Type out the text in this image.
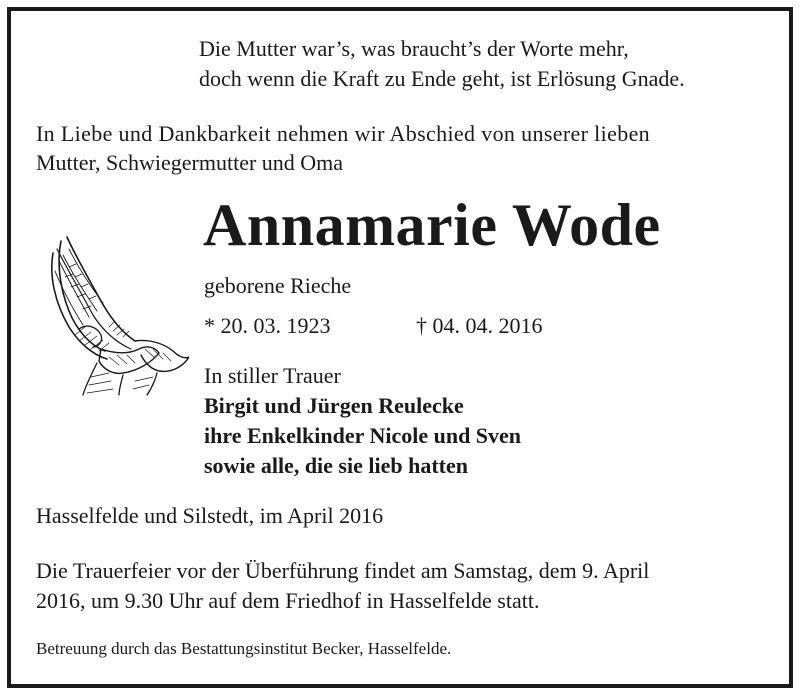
Die Mutter war’s, was braucht’s der Worte mehr,
doch wenn die Kraft zu Ende geht, ist Erlösung Gnade.
In Liebe und Dankbarkeit nehmen wir Abschied von unserer lieben
Mutter, Schwiegermutter und Oma
Annamarie Wode
geborene Rieche
* 20. 03. 1923	† 04. 04. 2016
In stiller Trauer
Birgit und Jürgen Reulecke
ihre Enkelkinder Nicole und Sven
sowie alle, die sie lieb hatten
Hasselfelde und Silstedt, im April 2016
Die Trauerfeier vor der Überführung findet am Samstag, dem 9. April
2016, um 9.30 Uhr auf dem Friedhof in Hasselfelde statt.
Betreuung durch das Bestattungsinstitut Becker, Hasselfelde.
